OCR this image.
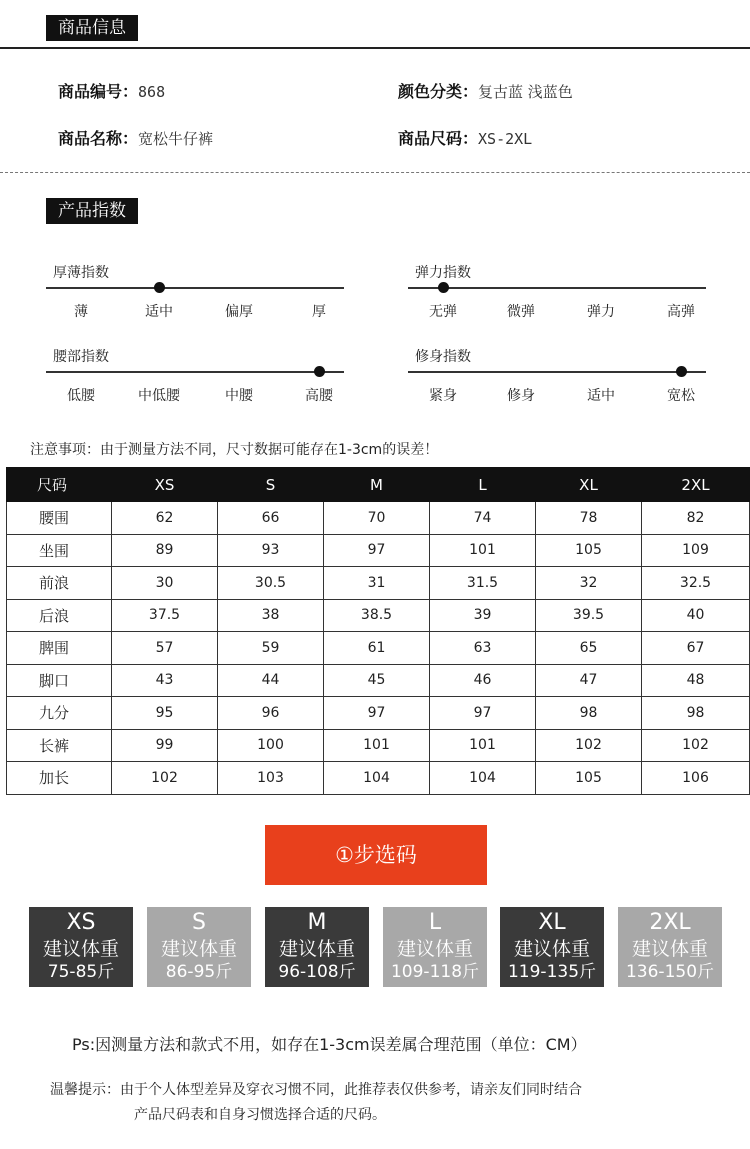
商品信息
商品编号：868	颜色分类：复古蓝 浅蓝色
商品名称：宽松牛仔裤	商品尺码：XS-2XL
产品指数
厚薄指数
薄	适中	偏厚	厚
弹力指数
无弹	微弹	弹力	高弹
腰部指数
低腰	中低腰	中腰	高腰
修身指数
紧身	修身	适中	宽松
注意事项：由于测量方法不同，尺寸数据可能存在1-3cm的误差！
尺码	XS	S	M	L	XL	2XL
腰围	62	66	70	74	78	82
坐围	89	93	97	101	105	109
前浪	30	30.5	31	31.5	32	32.5
后浪	37.5	38	38.5	39	39.5	40
脾围	57	59	61	63	65	67
脚口	43	44	45	46	47	48
九分	95	96	97	97	98	98
长裤	99	100	101	101	102	102
加长	102	103	104	104	105	106
①步选码
XS
建议体重
75-85斤
S
建议体重
86-95斤
M
建议体重
96-108斤
L
建议体重
109-118斤
XL
建议体重
119-135斤
2XL
建议体重
136-150斤
Ps:因测量方法和款式不用，如存在1-3cm误差属合理范围（单位：CM）
温馨提示：由于个人体型差异及穿衣习惯不同，此推荐表仅供参考，请亲友们同时结合
产品尺码表和自身习惯选择合适的尺码。
